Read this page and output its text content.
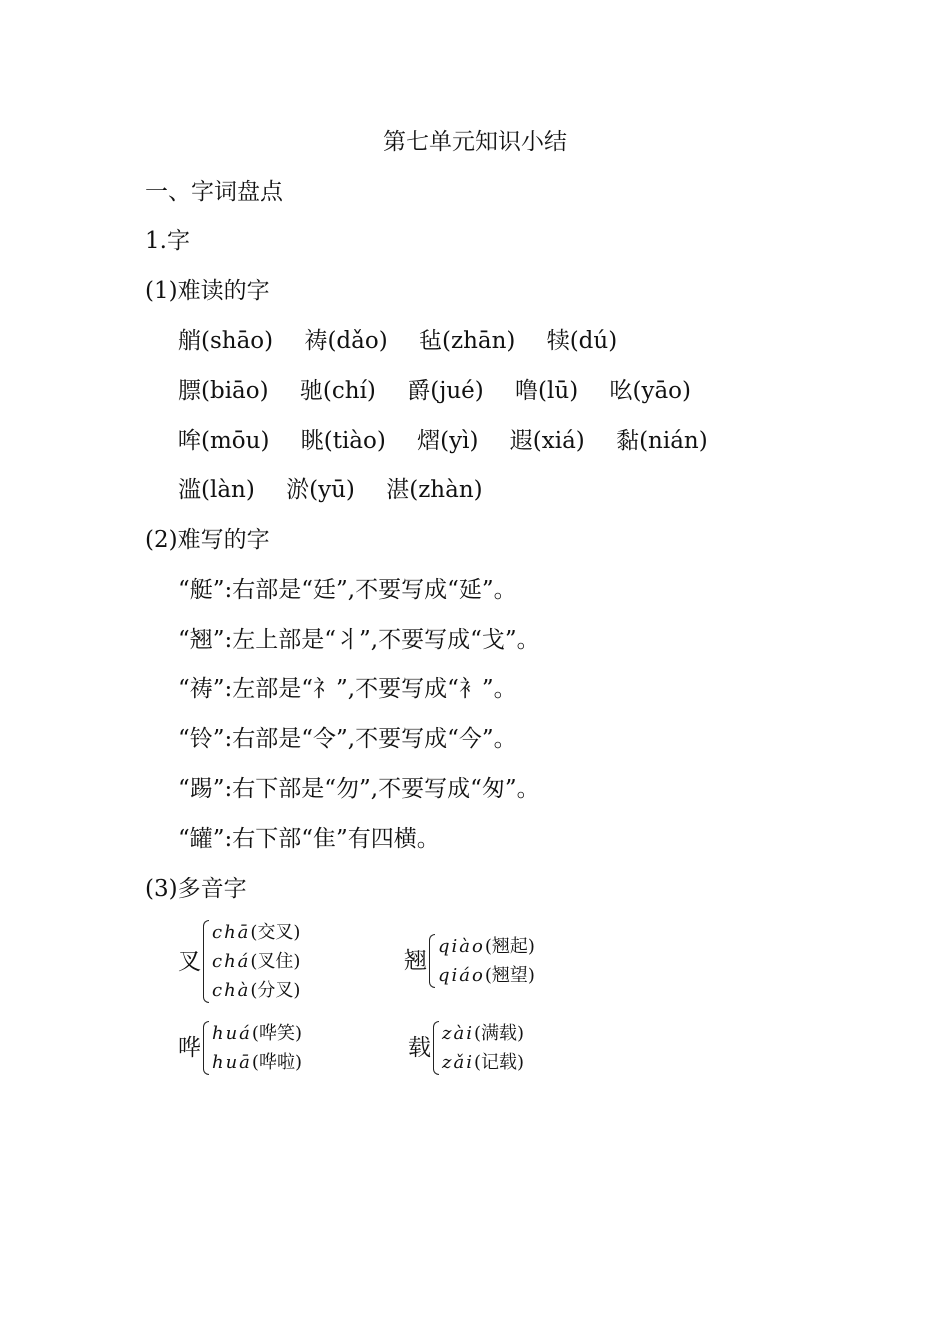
第七单元知识小结
一、字词盘点
1.字
(1)难读的字
艄(shāo) 祷(dǎo) 毡(zhān) 犊(dú)
膘(biāo) 驰(chí) 爵(jué) 噜(lū) 吆(yāo)
哞(mōu) 眺(tiào) 熠(yì) 遐(xiá) 黏(nián)
滥(làn) 淤(yū) 湛(zhàn)
(2)难写的字
“艇”:右部是“廷”,不要写成“延”。
“翘”:左上部是“⺦”,不要写成“戈”。
“祷”:左部是“礻”,不要写成“衤”。
“铃”:右部是“令”,不要写成“今”。
“踢”:右下部是“勿”,不要写成“匆”。
“罐”:右下部“隹”有四横。
(3)多音字
叉
chā(交叉)
chá(叉住)
chà(分叉)
翘
qiào(翘起)
qiáo(翘望)
哗
huá(哗笑)
huā(哗啦)
载
zài(满载)
zǎi(记载)
